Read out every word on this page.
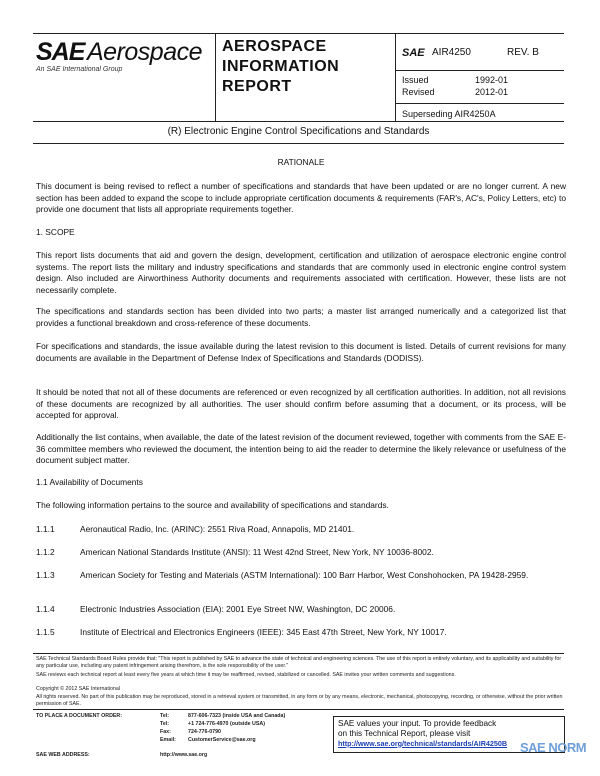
SAE Aerospace
An SAE International Group
AEROSPACE
INFORMATION
REPORT
SAE AIR4250	REV. B
Issued	1992-01
Revised	2012-01
Superseding AIR4250A
(R) Electronic Engine Control Specifications and Standards
RATIONALE
This document is being revised to reflect a number of specifications and standards that have been updated or are no longer current. A new section has been added to expand the scope to include appropriate certification documents & requirements (FAR's, AC's, Policy Letters, etc) to provide one document that lists all appropriate requirements together.
1. SCOPE
This report lists documents that aid and govern the design, development, certification and utilization of aerospace electronic engine control systems. The report lists the military and industry specifications and standards that are commonly used in electronic engine control system design. Also included are Airworthiness Authority documents and requirements associated with certification. However, these lists are not necessarily complete.
The specifications and standards section has been divided into two parts; a master list arranged numerically and a categorized list that provides a functional breakdown and cross-reference of these documents.
For specifications and standards, the issue available during the latest revision to this document is listed. Details of current revisions for many documents are available in the Department of Defense Index of Specifications and Standards (DODISS).
It should be noted that not all of these documents are referenced or even recognized by all certification authorities. In addition, not all revisions of these documents are recognized by all authorities. The user should confirm before assuming that a document, or its process, will be accepted for approval.
Additionally the list contains, when available, the date of the latest revision of the document reviewed, together with comments from the SAE E-36 committee members who reviewed the document, the intention being to aid the reader to determine the likely relevance or usefulness of the document subject matter.
1.1 Availability of Documents
The following information pertains to the source and availability of specifications and standards.
1.1.1	Aeronautical Radio, Inc. (ARINC): 2551 Riva Road, Annapolis, MD 21401.
1.1.2	American National Standards Institute (ANSI): 11 West 42nd Street, New York, NY 10036-8002.
1.1.3	American Society for Testing and Materials (ASTM International): 100 Barr Harbor, West Conshohocken, PA 19428-2959.
1.1.4	Electronic Industries Association (EIA): 2001 Eye Street NW, Washington, DC 20006.
1.1.5	Institute of Electrical and Electronics Engineers (IEEE): 345 East 47th Street, New York, NY 10017.
SAE Technical Standards Board Rules provide that: "This report is published by SAE to advance the state of technical and engineering sciences. The use of this report is entirely voluntary, and its applicability and suitability for any particular use, including any patent infringement arising therefrom, is the sole responsibility of the user."
SAE reviews each technical report at least every five years at which time it may be reaffirmed, revised, stabilized or cancelled. SAE invites your written comments and suggestions.
Copyright © 2012 SAE International
All rights reserved. No part of this publication may be reproduced, stored in a retrieval system or transmitted, in any form or by any means, electronic, mechanical, photocopying, recording, or otherwise, without the prior written permission of SAE.
TO PLACE A DOCUMENT ORDER:	Tel:	877-606-7323 (inside USA and Canada)
Tel:	+1 724-776-4970 (outside USA)
Fax:	724-776-0790
Email: CustomerService@sae.org
SAE WEB ADDRESS:	http://www.sae.org
SAE values your input. To provide feedback
on this Technical Report, please visit
http://www.sae.org/technical/standards/AIR4250B SAE NORM
